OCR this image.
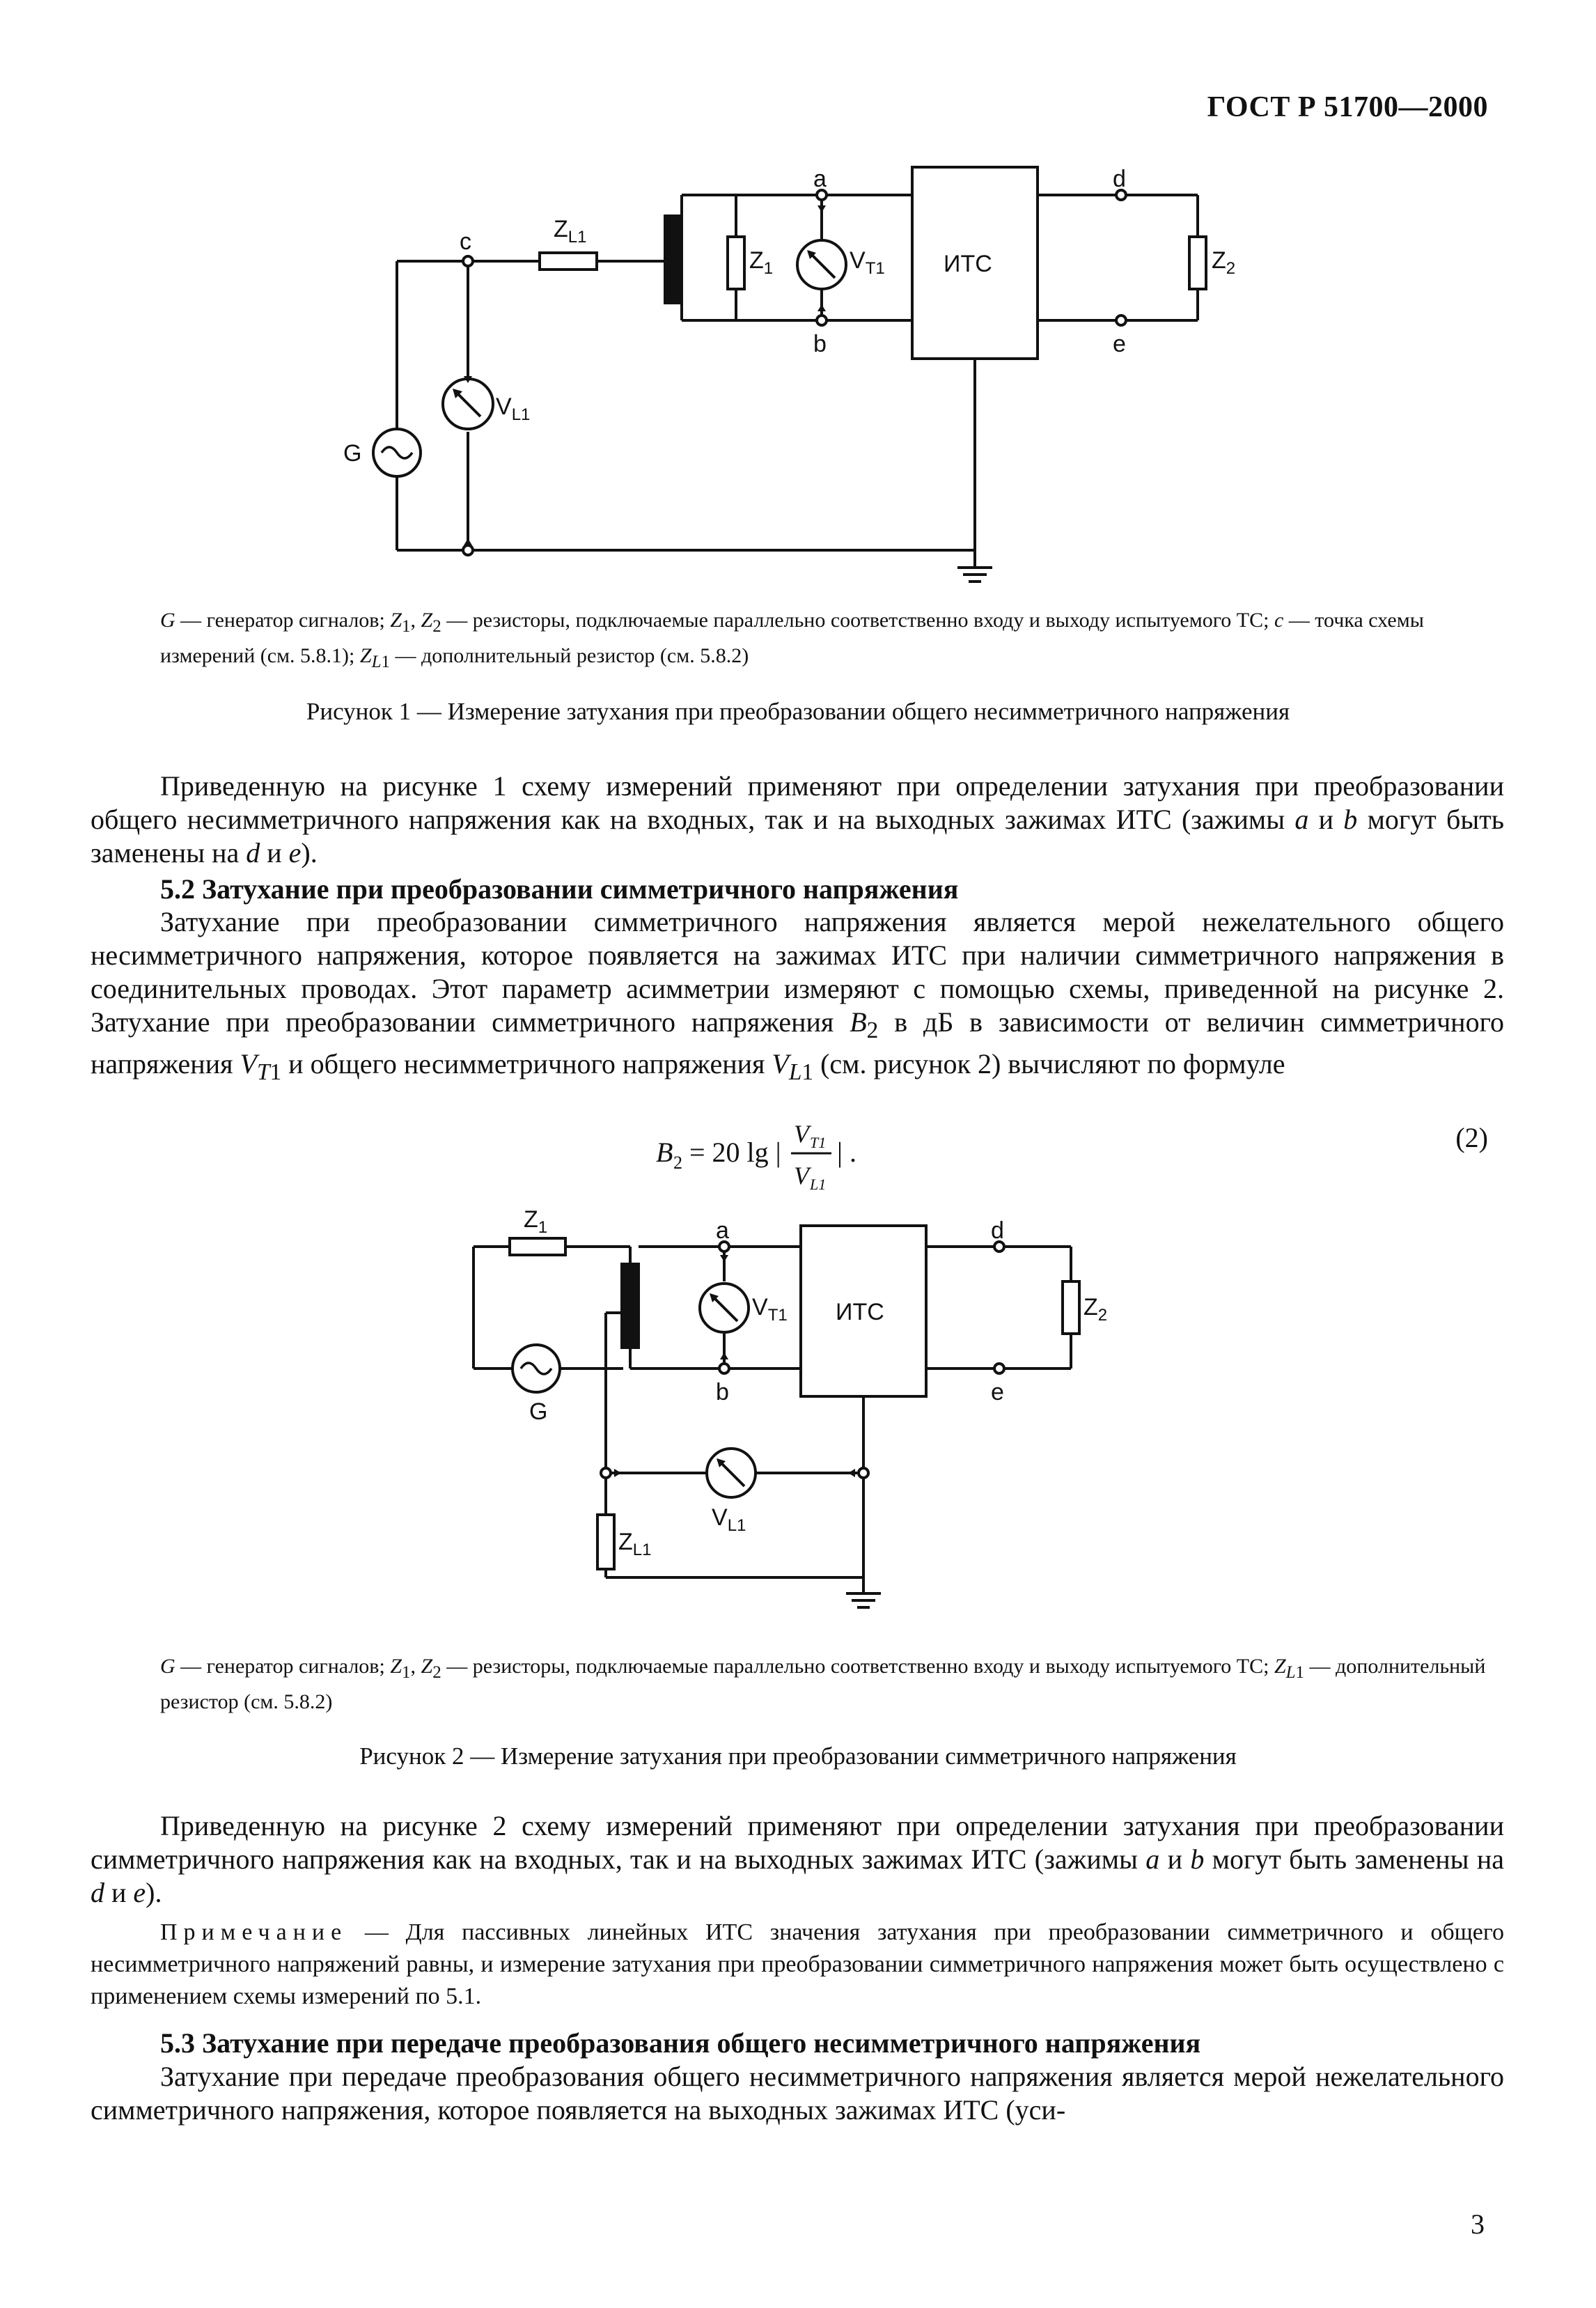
ГОСТ Р 51700—2000
a
b
c
d
e
ИТС
G
$Z_{L1}$
$Z_1$	$V_{T1}$
$V_{L1}$
$Z_2$
G — генератор сигналов; $Z_1$, $Z_2$ — резисторы, подключаемые параллельно соответственно входу и выходу испытуемого ТС; c — точка схемы измерений (см. 5.8.1); $Z_{L1}$ — дополнительный резистор (см. 5.8.2)
Рисунок 1 — Измерение затухания при преобразовании общего несимметричного напряжения

Приведенную на рисунке 1 схему измерений применяют при определении затухания при преобразовании общего несимметричного напряжения как на входных, так и на выходных зажимах ИТС (зажимы a и b могут быть заменены на d и e).

5.2 Затухание при преобразовании симметричного напряжения

Затухание при преобразовании симметричного напряжения является мерой нежелательного общего несимметричного напряжения, которое появляется на зажимах ИТС при наличии симметричного напряжения в соединительных проводах. Этот параметр асимметрии измеряют с помощью схемы, приведенной на рисунке 2. Затухание при преобразовании симметричного напряжения $B_2$ в дБ в зависимости от величин симметричного напряжения $V_{T1}$ и общего несимметричного напряжения $V_{L1}$ (см. рисунок 2) вычисляют по формуле

B 2 = 20 lg |
V T1
V L1
| .	(2)
a
b
d
e
ИТС
G
$Z_1$
$V_{T1}$	$Z_2$
$V_{L1}$
$Z_{L1}$
G — генератор сигналов; $Z_1$, $Z_2$ — резисторы, подключаемые параллельно соответственно входу и выходу испытуемого ТС; $Z_{L1}$ — дополнительный резистор (см. 5.8.2)
Рисунок 2 — Измерение затухания при преобразовании симметричного напряжения

Приведенную на рисунке 2 схему измерений применяют при определении затухания при преобразовании симметричного напряжения как на входных, так и на выходных зажимах ИТС (зажимы a и b могут быть заменены на d и e).

Примечание — Для пассивных линейных ИТС значения затухания при преобразовании симметричного и общего несимметричного напряжений равны, и измерение затухания при преобразовании симметричного напряжения может быть осуществлено с применением схемы измерений по 5.1.

5.3 Затухание при передаче преобразования общего несимметричного напряжения

Затухание при передаче преобразования общего несимметричного напряжения является мерой нежелательного симметричного напряжения, которое появляется на выходных зажимах ИТС (уси-

3
